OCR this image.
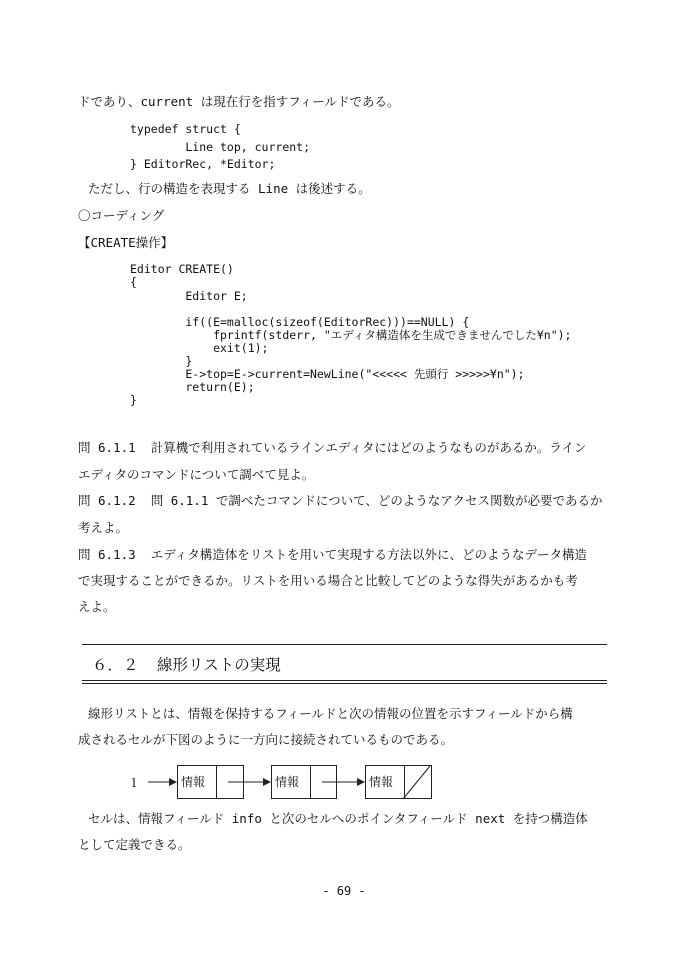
ドであり、current は現在行を指すフィールドである。
typedef struct {
Line top, current;
} EditorRec, *Editor;
ただし、行の構造を表現する Line は後述する。
〇コーディング
【CREATE操作】
Editor CREATE()
{
Editor E;
if((E=malloc(sizeof(EditorRec)))==NULL) {
fprintf(stderr, "エディタ構造体を生成できませんでした¥n");
exit(1);
}
E->top=E->current=NewLine("<<<<< 先頭行 >>>>>¥n");
return(E);
}
問 6.1.1  計算機で利用されているラインエディタにはどのようなものがあるか。ライン
エディタのコマンドについて調べて見よ。
問 6.1.2  問 6.1.1 で調べたコマンドについて、どのようなアクセス関数が必要であるか
考えよ。
問 6.1.3  エディタ構造体をリストを用いて実現する方法以外に、どのようなデータ構造
で実現することができるか。リストを用いる場合と比較してどのような得失があるかも考
えよ。
６．２ 線形リストの実現
線形リストとは、情報を保持するフィールドと次の情報の位置を示すフィールドから構
成されるセルが下図のように一方向に接続されているものである。
l	情報	情報	情報
セルは、情報フィールド info と次のセルへのポインタフィールド next を持つ構造体
として定義できる。
- 69 -
